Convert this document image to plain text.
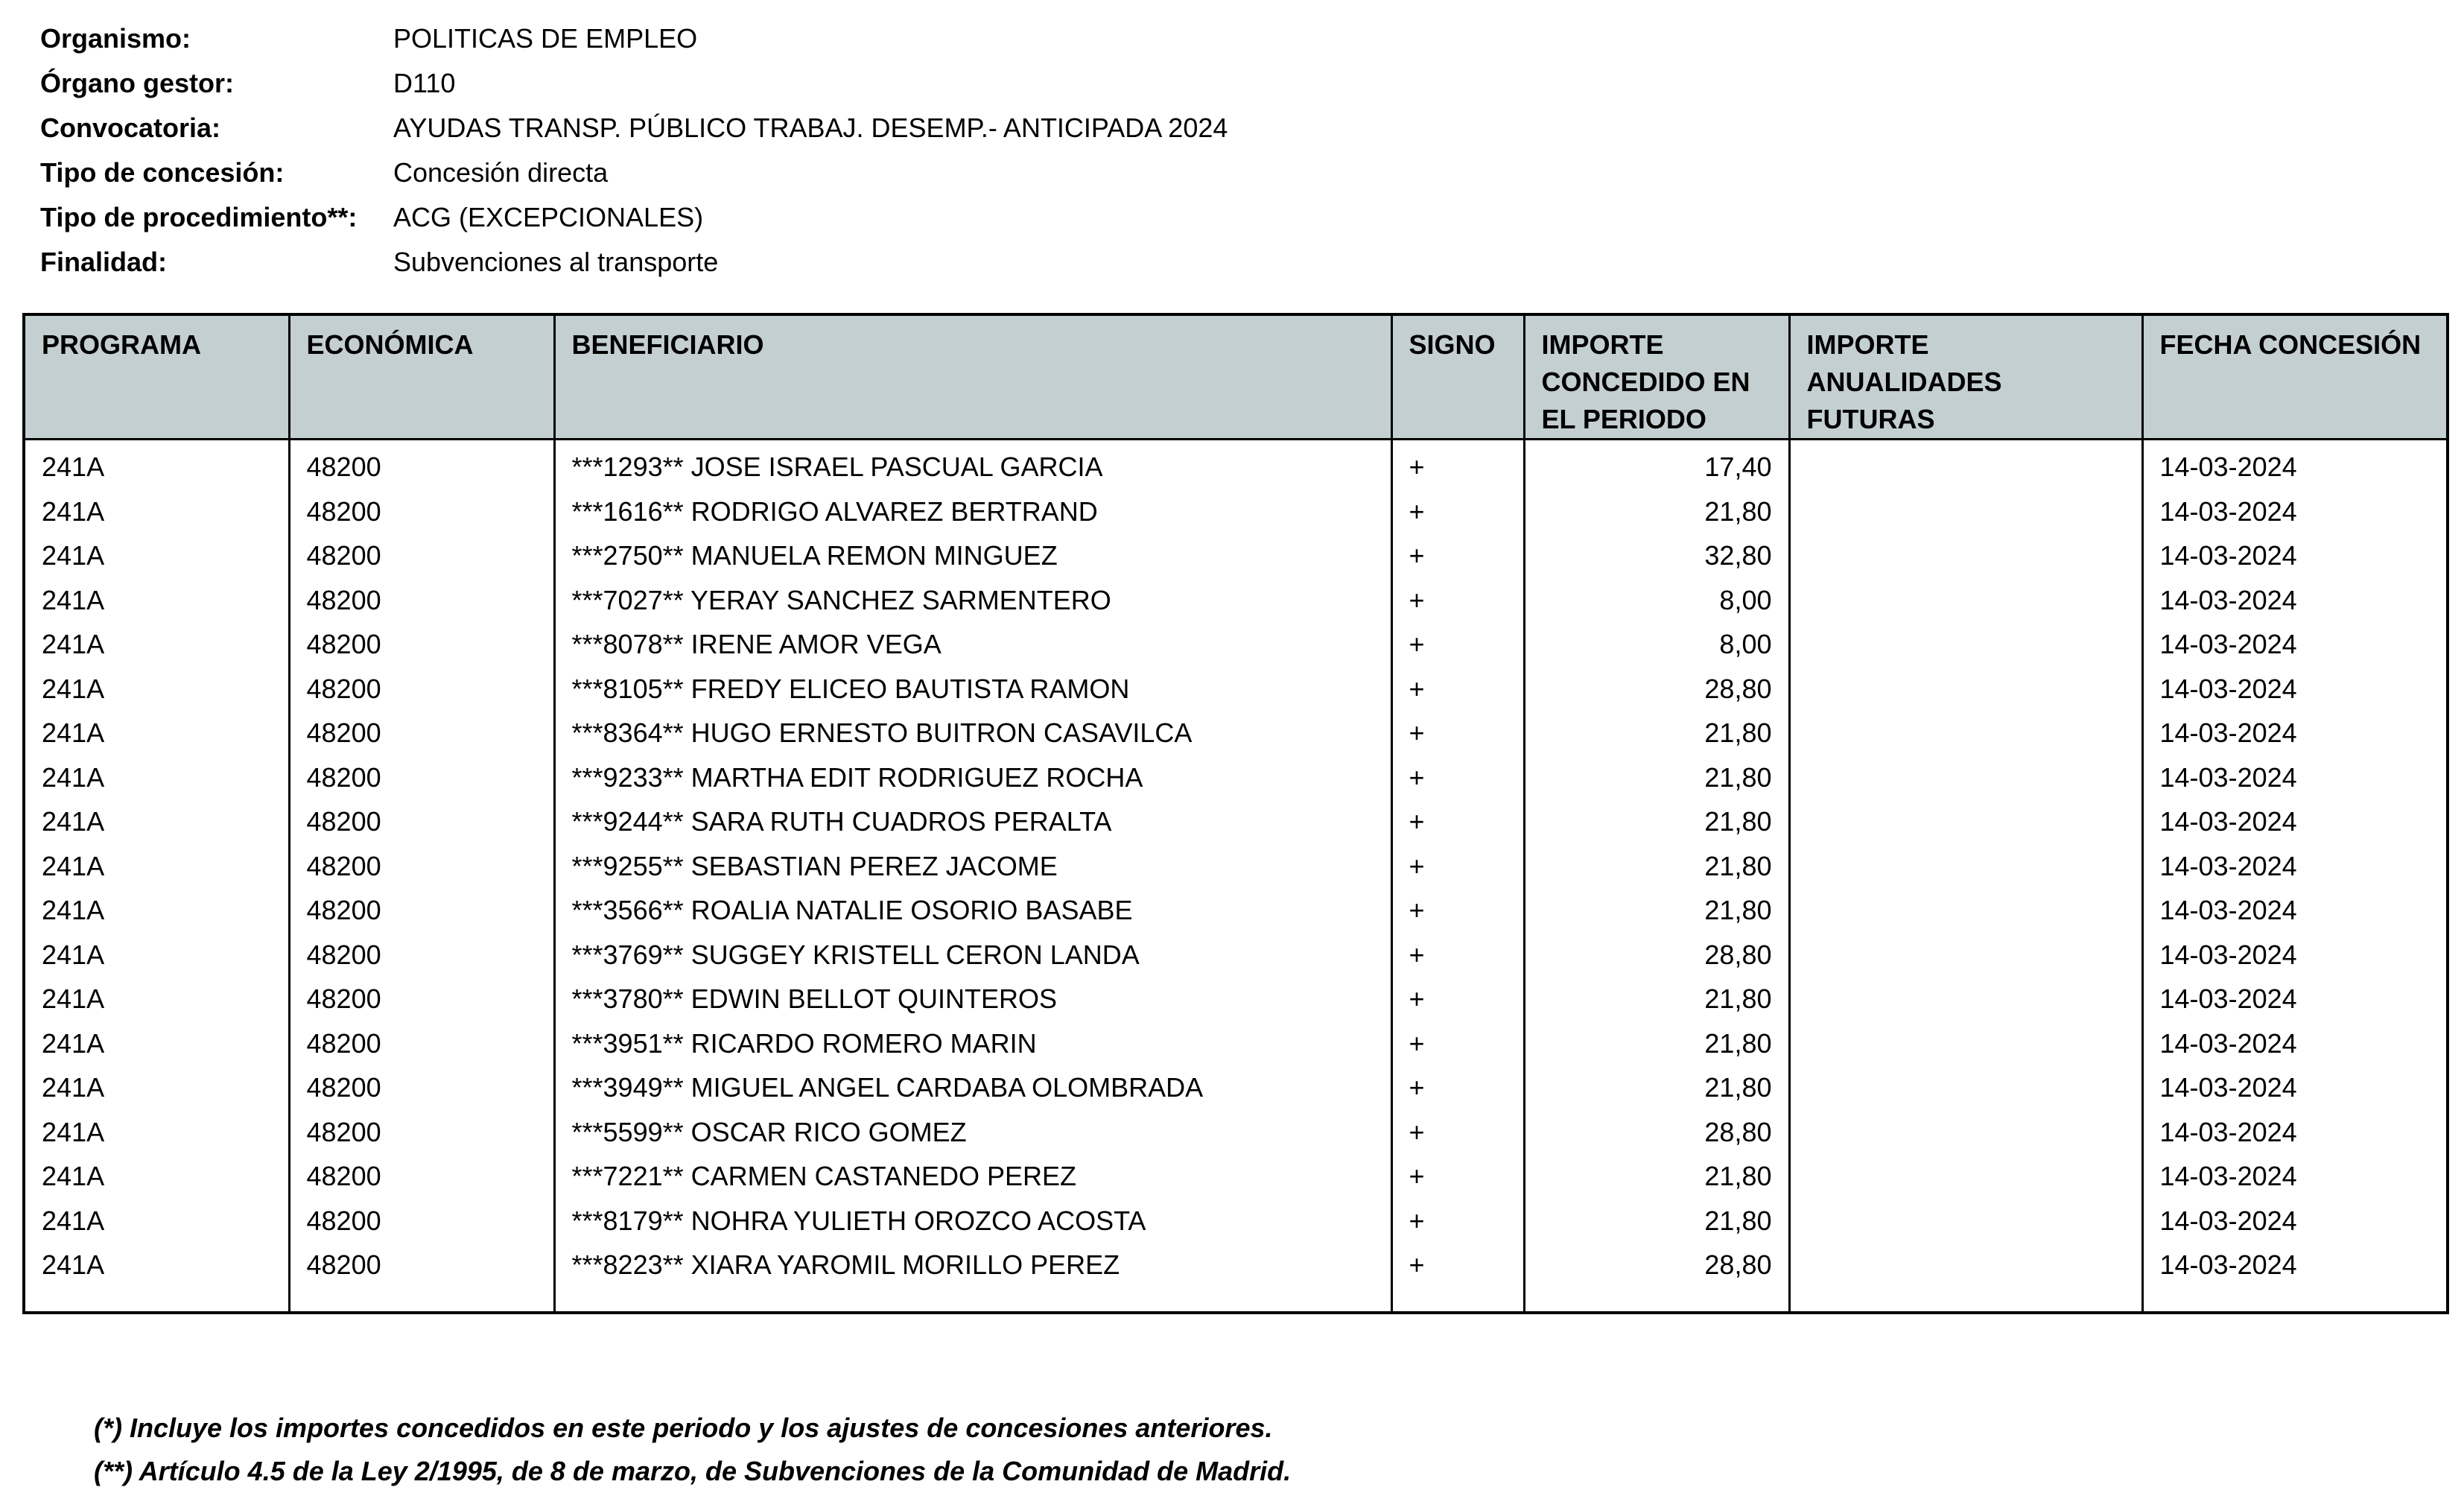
Organismo:	POLITICAS DE EMPLEO
Órgano gestor:	D110
Convocatoria:	AYUDAS TRANSP. PÚBLICO TRABAJ. DESEMP.- ANTICIPADA 2024
Tipo de concesión:	Concesión directa
Tipo de procedimiento**:	ACG (EXCEPCIONALES)
Finalidad:	Subvenciones al transporte
PROGRAMA	ECONÓMICA	BENEFICIARIO	SIGNO	IMPORTE CONCEDIDO EN EL PERIODO	IMPORTE ANUALIDADES FUTURAS	FECHA CONCESIÓN
241A	48200	***1293** JOSE ISRAEL PASCUAL GARCIA	+	17,40		14-03-2024
241A	48200	***1616** RODRIGO ALVAREZ BERTRAND	+	21,80		14-03-2024
241A	48200	***2750** MANUELA REMON MINGUEZ	+	32,80		14-03-2024
241A	48200	***7027** YERAY SANCHEZ SARMENTERO	+	8,00		14-03-2024
241A	48200	***8078** IRENE AMOR VEGA	+	8,00		14-03-2024
241A	48200	***8105** FREDY ELICEO BAUTISTA RAMON	+	28,80		14-03-2024
241A	48200	***8364** HUGO ERNESTO BUITRON CASAVILCA	+	21,80		14-03-2024
241A	48200	***9233** MARTHA EDIT RODRIGUEZ ROCHA	+	21,80		14-03-2024
241A	48200	***9244** SARA RUTH CUADROS PERALTA	+	21,80		14-03-2024
241A	48200	***9255** SEBASTIAN PEREZ JACOME	+	21,80		14-03-2024
241A	48200	***3566** ROALIA NATALIE OSORIO BASABE	+	21,80		14-03-2024
241A	48200	***3769** SUGGEY KRISTELL CERON LANDA	+	28,80		14-03-2024
241A	48200	***3780** EDWIN BELLOT QUINTEROS	+	21,80		14-03-2024
241A	48200	***3951** RICARDO ROMERO MARIN	+	21,80		14-03-2024
241A	48200	***3949** MIGUEL ANGEL CARDABA OLOMBRADA	+	21,80		14-03-2024
241A	48200	***5599** OSCAR RICO GOMEZ	+	28,80		14-03-2024
241A	48200	***7221** CARMEN CASTANEDO PEREZ	+	21,80		14-03-2024
241A	48200	***8179** NOHRA YULIETH OROZCO ACOSTA	+	21,80		14-03-2024
241A	48200	***8223** XIARA YAROMIL MORILLO PEREZ	+	28,80		14-03-2024

(*) Incluye los importes concedidos en este periodo y los ajustes de concesiones anteriores.
(**) Artículo 4.5 de la Ley 2/1995, de 8 de marzo, de Subvenciones de la Comunidad de Madrid.
